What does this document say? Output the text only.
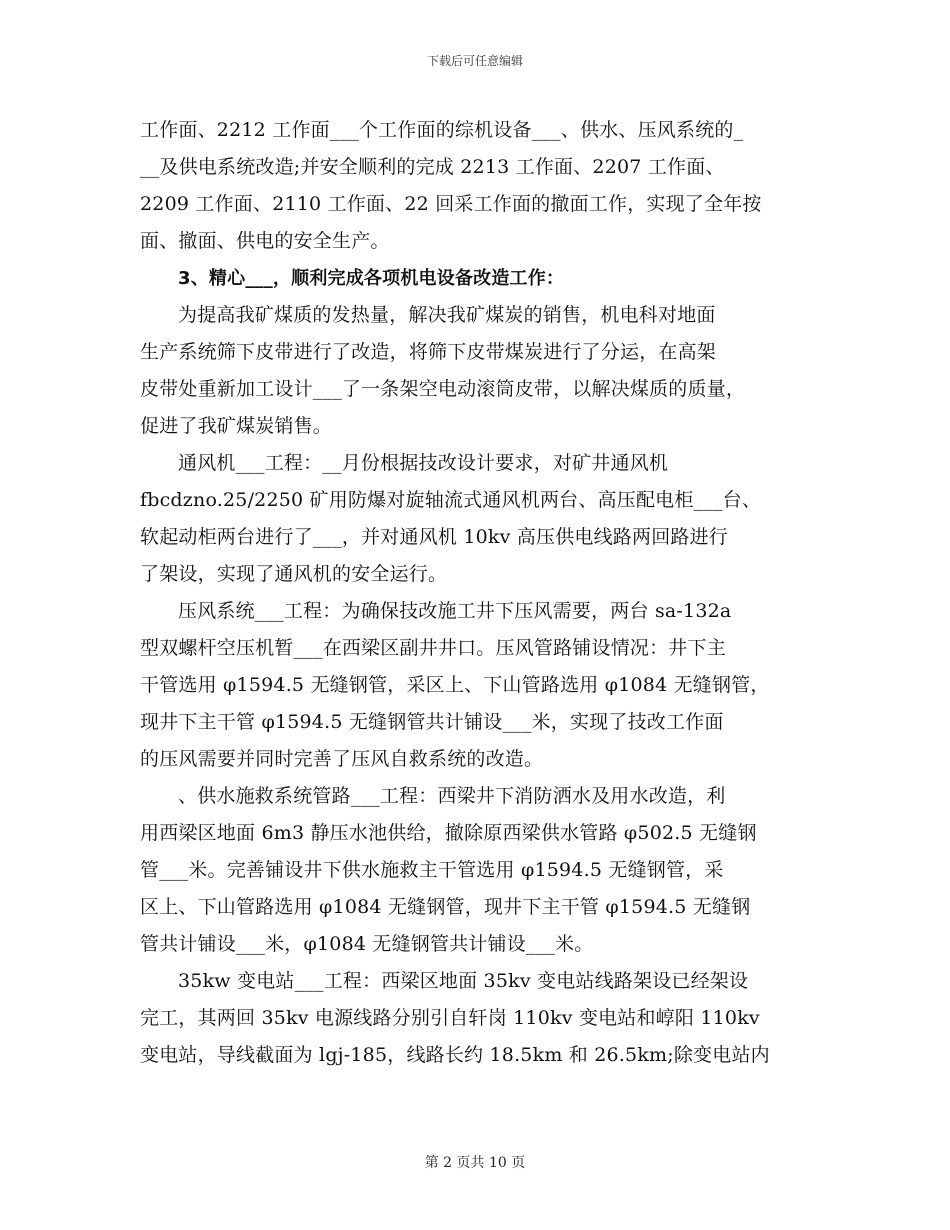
下载后可任意编辑
工作面、2212 工作面___个工作面的综机设备___、供水、压风系统的_
__及供电系统改造;并安全顺利的完成 2213 工作面、2207 工作面、
2209 工作面、2110 工作面、22 回采工作面的撤面工作，实现了全年按
面、撤面、供电的安全生产。
3、精心___，顺利完成各项机电设备改造工作：
为提高我矿煤质的发热量，解决我矿煤炭的销售，机电科对地面
生产系统筛下皮带进行了改造，将筛下皮带煤炭进行了分运，在高架
皮带处重新加工设计___了一条架空电动滚筒皮带，以解决煤质的质量，
促进了我矿煤炭销售。
通风机___工程：__月份根据技改设计要求，对矿井通风机
fbcdzno.25/2250 矿用防爆对旋轴流式通风机两台、高压配电柜___台、
软起动柜两台进行了___，并对通风机 10kv 高压供电线路两回路进行
了架设，实现了通风机的安全运行。
压风系统___工程：为确保技改施工井下压风需要，两台 sa-132a
型双螺杆空压机暂___在西梁区副井井口。压风管路铺设情况：井下主
干管选用 φ1594.5 无缝钢管，采区上、下山管路选用 φ1084 无缝钢管，
现井下主干管 φ1594.5 无缝钢管共计铺设___米，实现了技改工作面
的压风需要并同时完善了压风自救系统的改造。
、供水施救系统管路___工程：西梁井下消防洒水及用水改造，利
用西梁区地面 6m3 静压水池供给，撤除原西梁供水管路 φ502.5 无缝钢
管___米。完善铺设井下供水施救主干管选用 φ1594.5 无缝钢管，采
区上、下山管路选用 φ1084 无缝钢管，现井下主干管 φ1594.5 无缝钢
管共计铺设___米，φ1084 无缝钢管共计铺设___米。
35kw 变电站___工程：西梁区地面 35kv 变电站线路架设已经架设
完工，其两回 35kv 电源线路分别引自轩岗 110kv 变电站和崞阳 110kv
变电站，导线截面为 lgj-185，线路长约 18.5km 和 26.5km;除变电站内
第 2 页共 10 页
